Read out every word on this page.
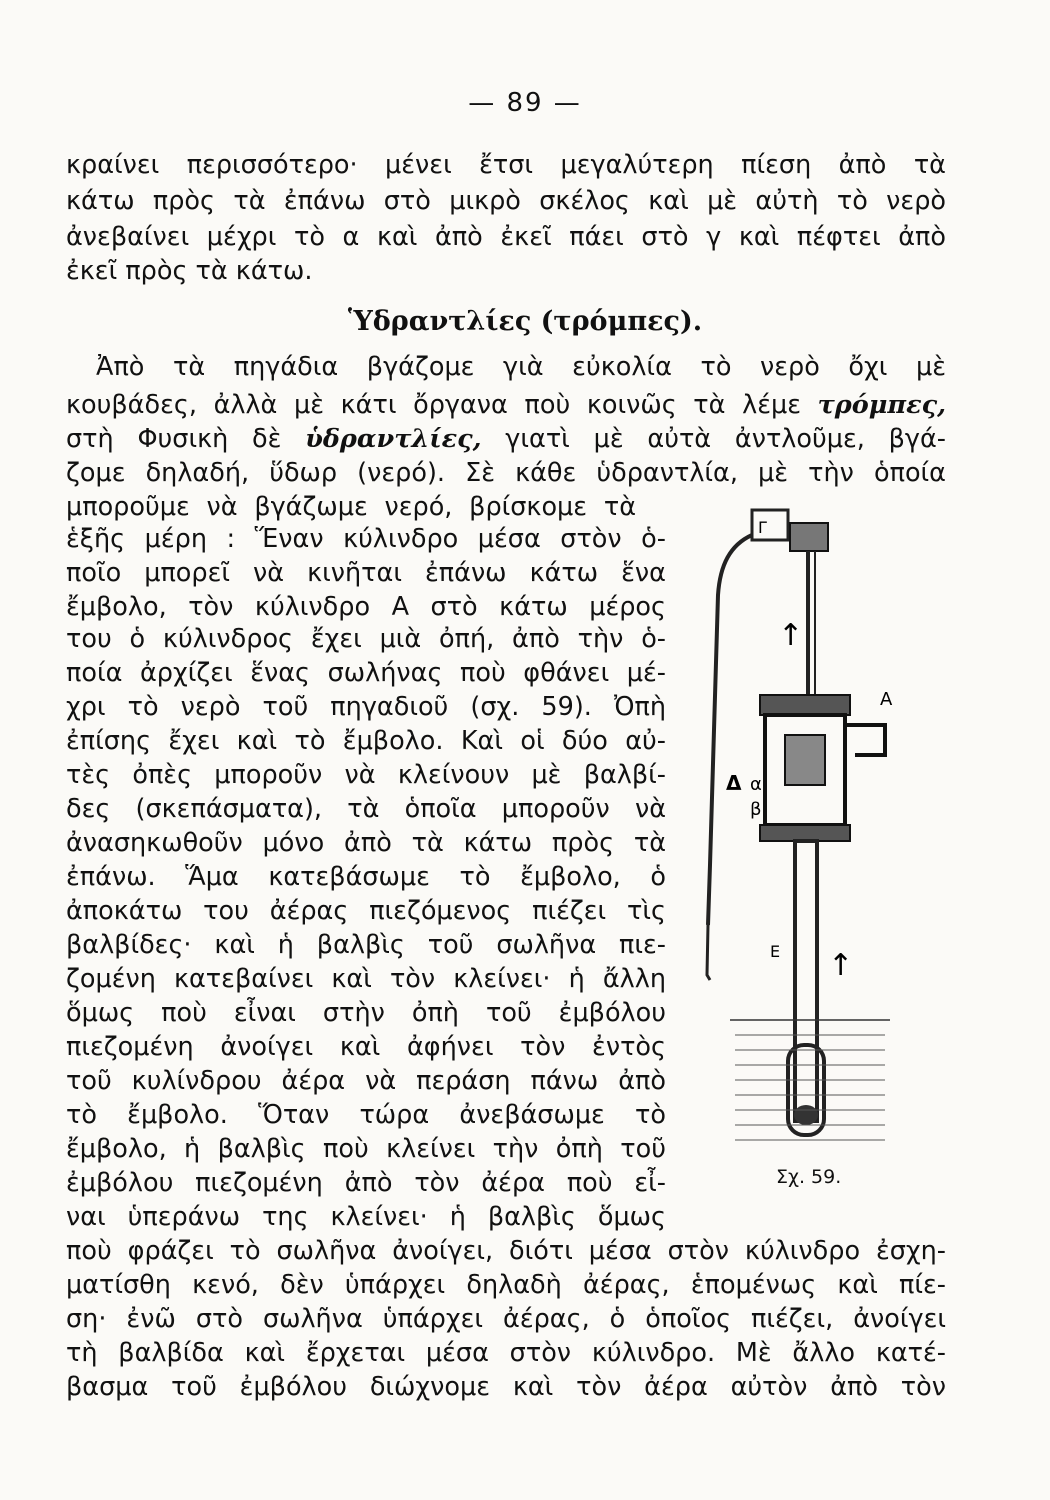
— 89 —
κραίνει περισσότερο· μένει ἔτσι μεγαλύτερη πίεση ἀπὸ τὰ
κάτω πρὸς τὰ ἐπάνω στὸ μικρὸ σκέλος καὶ μὲ αὐτὴ τὸ νερὸ
ἀνεβαίνει μέχρι τὸ α καὶ ἀπὸ ἐκεῖ πάει στὸ γ καὶ πέφτει ἀπὸ
ἐκεῖ πρὸς τὰ κάτω.
Ὑδραντλίες (τρόμπες).
Ἀπὸ τὰ πηγάδια βγάζομε γιὰ εὐκολία τὸ νερὸ ὄχι μὲ
κουβάδες, ἀλλὰ μὲ κάτι ὄργανα ποὺ κοινῶς τὰ λέμε τρόμπες,
στὴ Φυσικὴ δὲ ὑδραντλίες, γιατὶ μὲ αὐτὰ ἀντλοῦμε, βγά-
ζομε δηλαδή, ὕδωρ (νερό). Σὲ κάθε ὑδραντλία, μὲ τὴν ὁποία
μποροῦμε νὰ βγάζωμε νερό, βρίσκομε τὰ
ἑξῆς μέρη : Ἕναν κύλινδρο μέσα στὸν ὁ-
ποῖο μπορεῖ νὰ κινῆται ἐπάνω κάτω ἕνα
ἔμβολο, τὸν κύλινδρο Α στὸ κάτω μέρος
του ὁ κύλινδρος ἔχει μιὰ ὀπή, ἀπὸ τὴν ὁ-
ποία ἀρχίζει ἕνας σωλήνας ποὺ φθάνει μέ-
χρι τὸ νερὸ τοῦ πηγαδιοῦ (σχ. 59). Ὀπὴ
ἐπίσης ἔχει καὶ τὸ ἔμβολο. Καὶ οἱ δύο αὐ-
τὲς ὀπὲς μποροῦν νὰ κλείνουν μὲ βαλβί-
δες (σκεπάσματα), τὰ ὁποῖα μποροῦν νὰ
ἀνασηκωθοῦν μόνο ἀπὸ τὰ κάτω πρὸς τὰ
ἐπάνω. Ἅμα κατεβάσωμε τὸ ἔμβολο, ὁ
ἀποκάτω του ἀέρας πιεζόμενος πιέζει τὶς
βαλβίδες· καὶ ἡ βαλβὶς τοῦ σωλῆνα πιε-
ζομένη κατεβαίνει καὶ τὸν κλείνει· ἡ ἄλλη
ὅμως ποὺ εἶναι στὴν ὀπὴ τοῦ ἐμβόλου
πιεζομένη ἀνοίγει καὶ ἀφήνει τὸν ἐντὸς
τοῦ κυλίνδρου ἀέρα νὰ περάση πάνω ἀπὸ
τὸ ἔμβολο. Ὅταν τώρα ἀνεβάσωμε τὸ
ἔμβολο, ἡ βαλβὶς ποὺ κλείνει τὴν ὀπὴ τοῦ
ἐμβόλου πιεζομένη ἀπὸ τὸν ἀέρα ποὺ εἶ-
ναι ὑπεράνω της κλείνει· ἡ βαλβὶς ὅμως
ποὺ φράζει τὸ σωλῆνα ἀνοίγει, διότι μέσα στὸν κύλινδρο ἐσχη-
ματίσθη κενό, δὲν ὑπάρχει δηλαδὴ ἀέρας, ἑπομένως καὶ πίε-
ση· ἐνῶ στὸ σωλῆνα ὑπάρχει ἀέρας, ὁ ὁποῖος πιέζει, ἀνοίγει
τὴ βαλβίδα καὶ ἔρχεται μέσα στὸν κύλινδρο. Μὲ ἄλλο κατέ-
βασμα τοῦ ἐμβόλου διώχνομε καὶ τὸν ἀέρα αὐτὸν ἀπὸ τὸν
Γ
A
Δ α
β
E
↑
↑
Σχ. 59.
